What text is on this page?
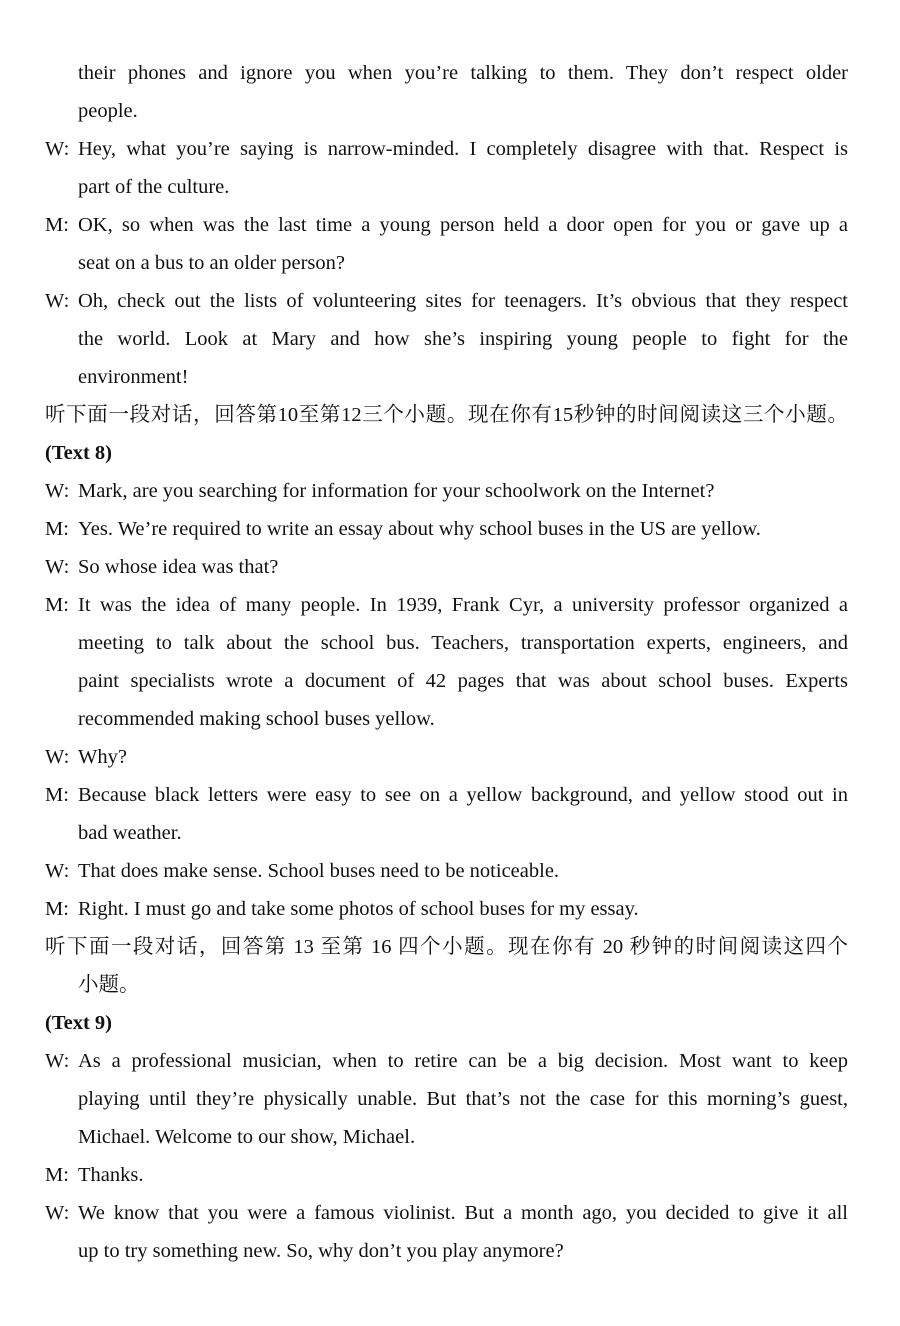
their phones and ignore you when you’re talking to them. They don’t respect older
people.
W: Hey, what you’re saying is narrow-minded. I completely disagree with that. Respect is
part of the culture.
M: OK, so when was the last time a young person held a door open for you or gave up a
seat on a bus to an older person?
W: Oh, check out the lists of volunteering sites for teenagers. It’s obvious that they respect
the world. Look at Mary and how she’s inspiring young people to fight for the
environment!
听下面一段对话，回答第10至第12三个小题。现在你有15秒钟的时间阅读这三个小题。
(Text 8)
W: Mark, are you searching for information for your schoolwork on the Internet?
M: Yes. We’re required to write an essay about why school buses in the US are yellow.
W: So whose idea was that?
M: It was the idea of many people. In 1939, Frank Cyr, a university professor organized a
meeting to talk about the school bus. Teachers, transportation experts, engineers, and
paint specialists wrote a document of 42 pages that was about school buses. Experts
recommended making school buses yellow.
W: Why?
M: Because black letters were easy to see on a yellow background, and yellow stood out in
bad weather.
W: That does make sense. School buses need to be noticeable.
M: Right. I must go and take some photos of school buses for my essay.
听下面一段对话，回答第 13 至第 16 四个小题。现在你有 20 秒钟的时间阅读这四个
小题。
(Text 9)
W: As a professional musician, when to retire can be a big decision. Most want to keep
playing until they’re physically unable. But that’s not the case for this morning’s guest,
Michael. Welcome to our show, Michael.
M: Thanks.
W: We know that you were a famous violinist. But a month ago, you decided to give it all
up to try something new. So, why don’t you play anymore?
